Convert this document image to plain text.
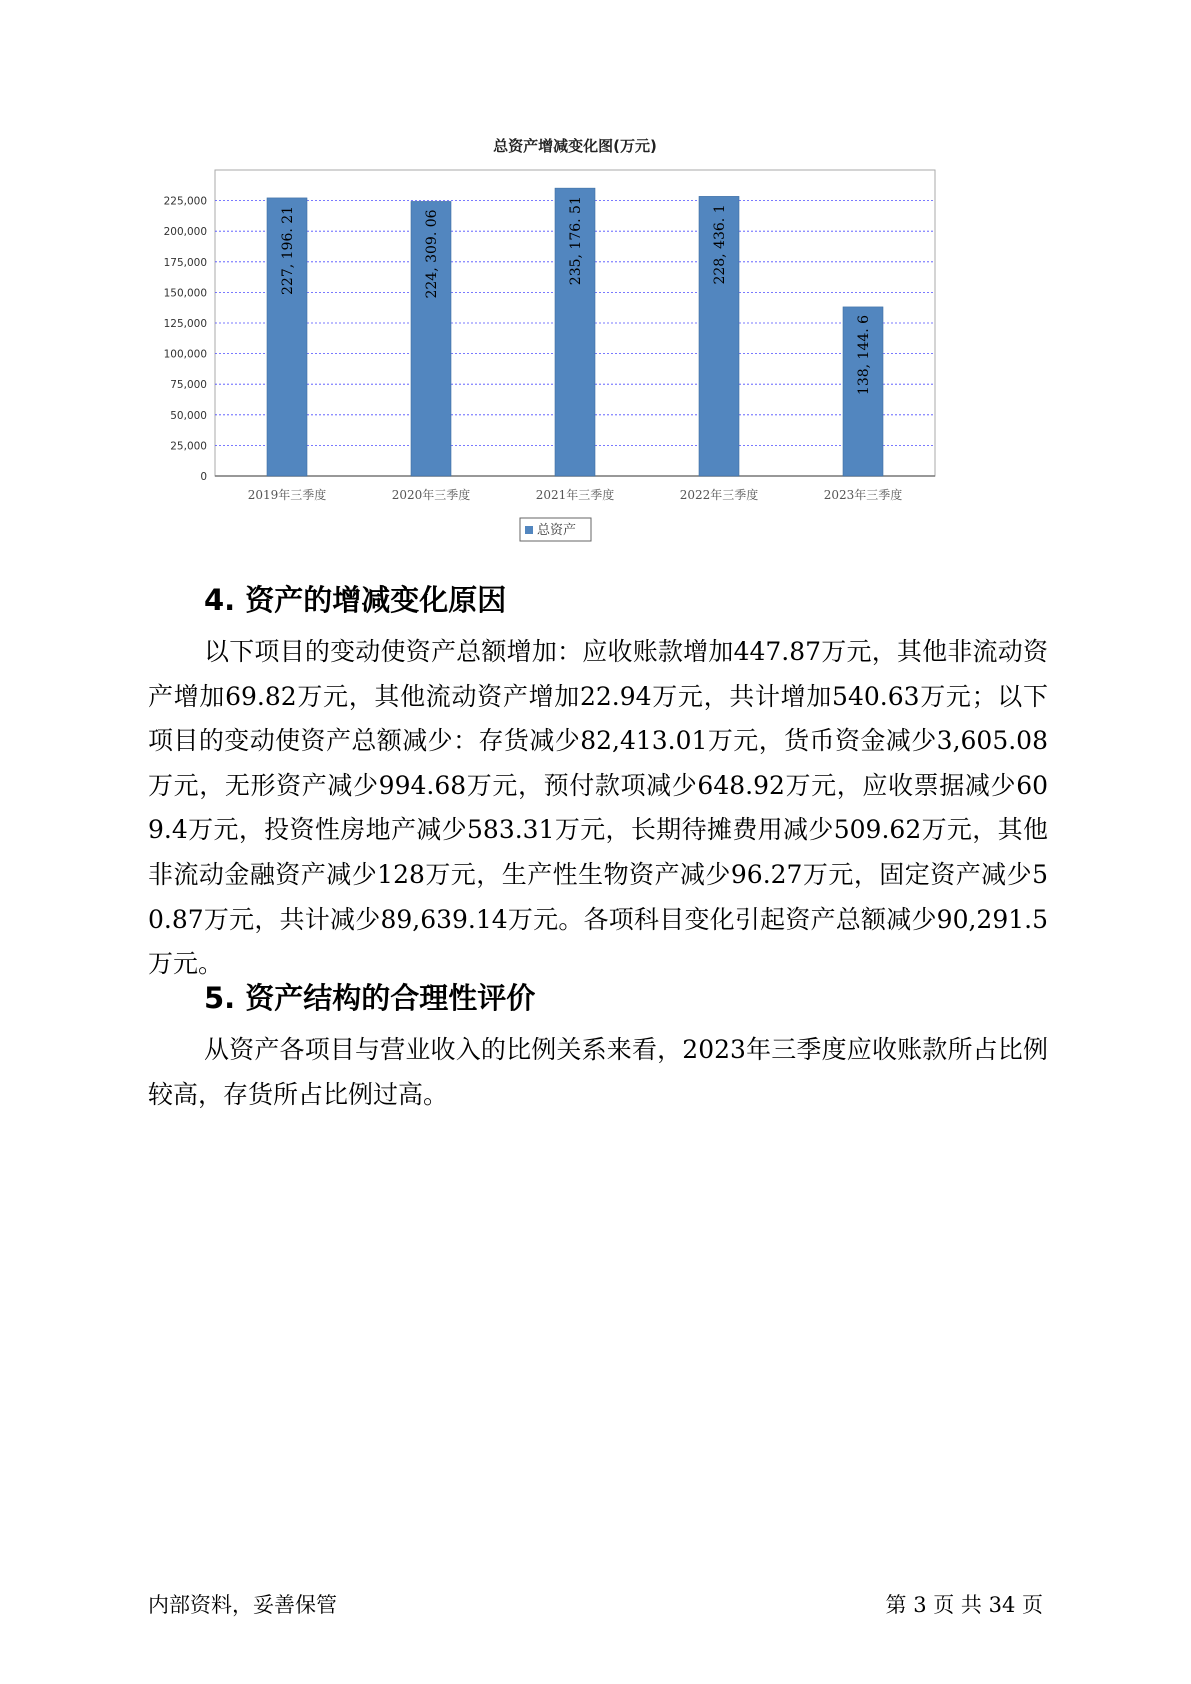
总资产增减变化图(万元)
0
25,000
50,000
75,000
100,000
125,000
150,000
175,000
200,000
225,000
227, 196. 21
2019年三季度
224, 309. 06
2020年三季度
235, 176. 51
2021年三季度
228, 436. 1
2022年三季度
138, 144. 6
2023年三季度
总资产
4. 资产的增减变化原因

以下项目的变动使资产总额增加：应收账款增加447.87万元，其他非流动资产增加69.82万元，其他流动资产增加22.94万元，共计增加540.63万元；以下项目的变动使资产总额减少：存货减少82,413.01万元，货币资金减少3,605.08万元，无形资产减少994.68万元，预付款项减少648.92万元，应收票据减少609.4万元，投资性房地产减少583.31万元，长期待摊费用减少509.62万元，其他非流动金融资产减少128万元，生产性生物资产减少96.27万元，固定资产减少50.87万元，共计减少89,639.14万元。各项科目变化引起资产总额减少90,291.5万元。

5. 资产结构的合理性评价

从资产各项目与营业收入的比例关系来看，2023年三季度应收账款所占比例较高，存货所占比例过高。

内部资料，妥善保管	第 3 页 共 34 页
